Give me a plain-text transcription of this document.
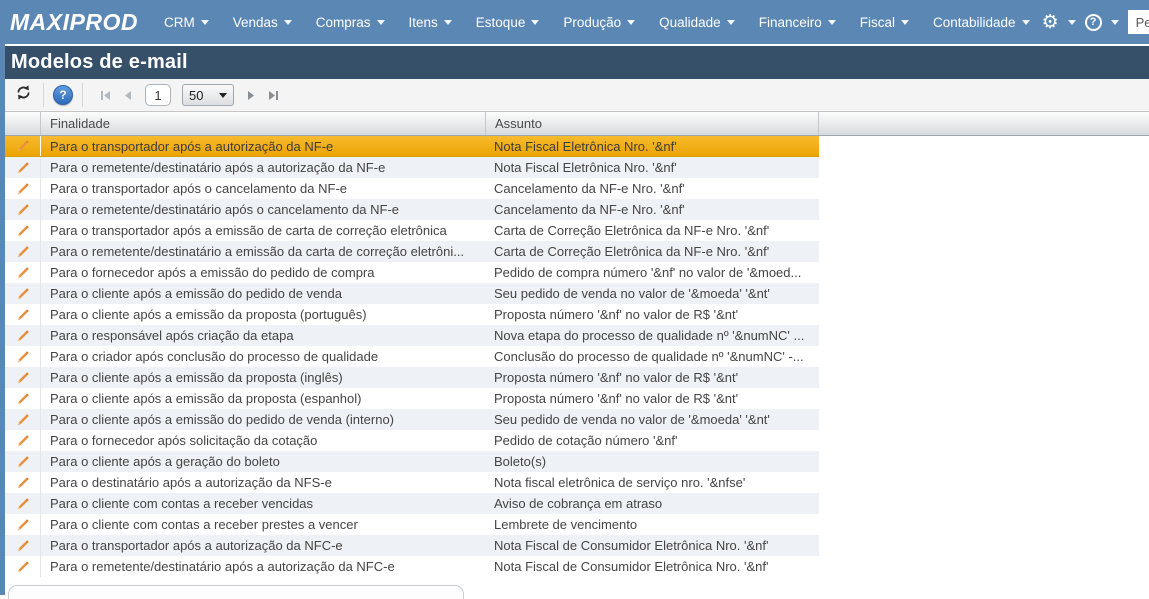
MAXIPROD CRM	Vendas	Compras	Itens	Estoque	Produção	Qualidade	Financeiro	Fiscal	Contabilidade ⚙	?
Pesquisar na Ajuda...
Modelos de e-mail
?	1	50
Finalidade	Assunto
Para o transportador após a autorização da NF-e	Nota Fiscal Eletrônica Nro. '&nf'
Para o remetente/destinatário após a autorização da NF-e	Nota Fiscal Eletrônica Nro. '&nf'
Para o transportador após o cancelamento da NF-e	Cancelamento da NF-e Nro. '&nf'
Para o remetente/destinatário após o cancelamento da NF-e	Cancelamento da NF-e Nro. '&nf'
Para o transportador após a emissão de carta de correção eletrônica	Carta de Correção Eletrônica da NF-e Nro. '&nf'
Para o remetente/destinatário a emissão da carta de correção eletrôni...	Carta de Correção Eletrônica da NF-e Nro. '&nf'
Para o fornecedor após a emissão do pedido de compra	Pedido de compra número '&nf' no valor de '&moed...
Para o cliente após a emissão do pedido de venda	Seu pedido de venda no valor de '&moeda' '&nt'
Para o cliente após a emissão da proposta (português)	Proposta número '&nf' no valor de R$ '&nt'
Para o responsável após criação da etapa	Nova etapa do processo de qualidade nº '&numNC' ...
Para o criador após conclusão do processo de qualidade	Conclusão do processo de qualidade nº '&numNC' -...
Para o cliente após a emissão da proposta (inglês)	Proposta número '&nf' no valor de R$ '&nt'
Para o cliente após a emissão da proposta (espanhol)	Proposta número '&nf' no valor de R$ '&nt'
Para o cliente após a emissão do pedido de venda (interno)	Seu pedido de venda no valor de '&moeda' '&nt'
Para o fornecedor após solicitação da cotação	Pedido de cotação número '&nf'
Para o cliente após a geração do boleto	Boleto(s)
Para o destinatário após a autorização da NFS-e	Nota fiscal eletrônica de serviço nro. '&nfse'
Para o cliente com contas a receber vencidas	Aviso de cobrança em atraso
Para o cliente com contas a receber prestes a vencer	Lembrete de vencimento
Para o transportador após a autorização da NFC-e	Nota Fiscal de Consumidor Eletrônica Nro. '&nf'
Para o remetente/destinatário após a autorização da NFC-e	Nota Fiscal de Consumidor Eletrônica Nro. '&nf'
